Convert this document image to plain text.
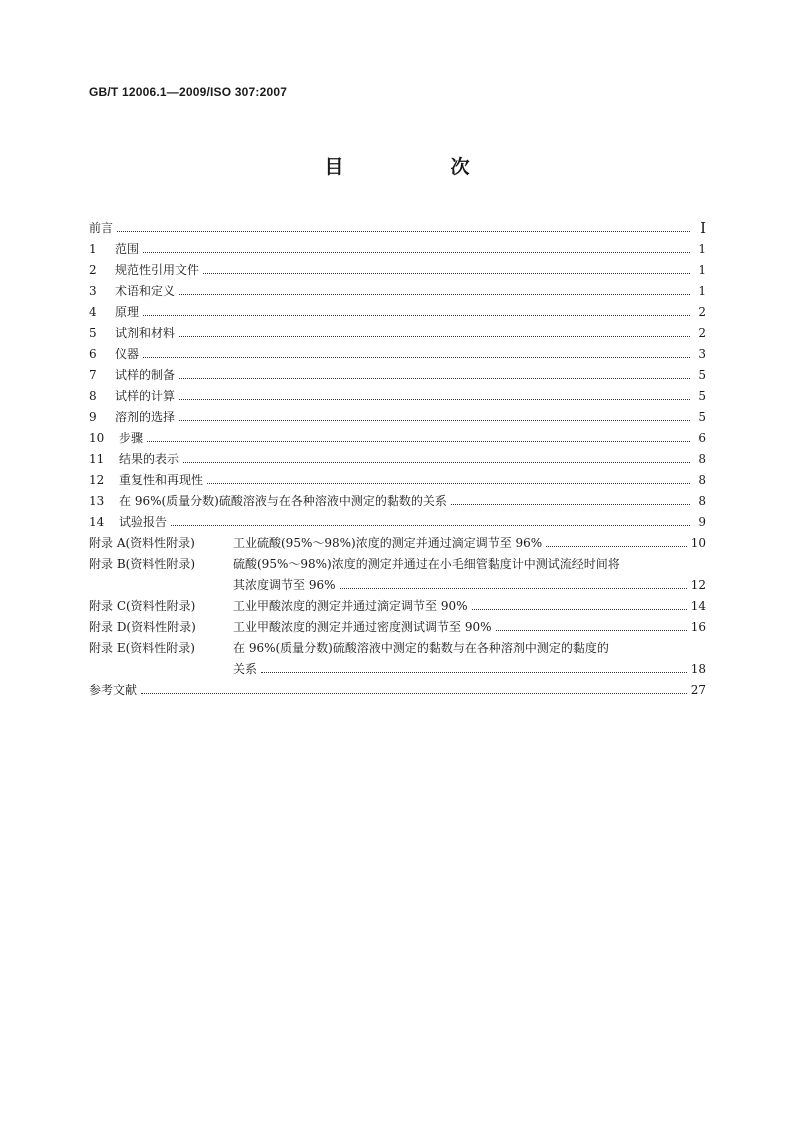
GB/T 12006.1—2009/ISO 307:2007
目　次
前言	Ⅰ
1	范围	1
2	规范性引用文件	1
3	术语和定义	1
4	原理	2
5	试剂和材料	2
6	仪器	3
7	试样的制备	5
8	试样的计算	5
9	溶剂的选择	5
10	步骤	6
11	结果的表示	8
12	重复性和再现性	8
13	在 96%(质量分数)硫酸溶液与在各种溶液中测定的黏数的关系	8
14	试验报告	9
附录 A(资料性附录)	工业硫酸(95%～98%)浓度的测定并通过滴定调节至 96%	10
附录 B(资料性附录)	硫酸(95%～98%)浓度的测定并通过在小毛细管黏度计中测试流经时间将
其浓度调节至 96%	12
附录 C(资料性附录)	工业甲酸浓度的测定并通过滴定调节至 90%	14
附录 D(资料性附录)	工业甲酸浓度的测定并通过密度测试调节至 90%	16
附录 E(资料性附录)	在 96%(质量分数)硫酸溶液中测定的黏数与在各种溶剂中测定的黏度的
关系	18
参考文献	27
